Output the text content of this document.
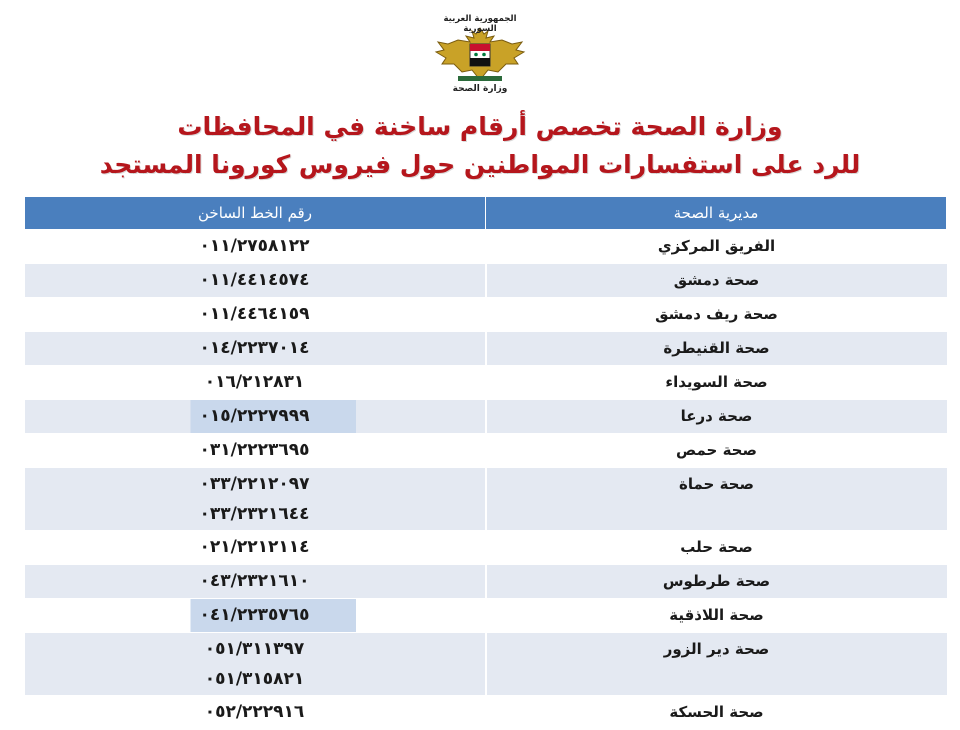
الجمهورية العربية السورية
وزارة الصحة
وزارة الصحة تخصص أرقام ساخنة في المحافظات
للرد على استفسارات المواطنين حول فيروس كورونا المستجد
رقم الخط الساخن	مديرية الصحة

٠١١/٢٧٥٨١٢٢	الفريق المركزي

٠١١/٤٤١٤٥٧٤	صحة دمشق

٠١١/٤٤٦٤١٥٩	صحة ريف دمشق

٠١٤/٢٢٣٧٠١٤	صحة القنيطرة

٠١٦/٢١٢٨٣١	صحة السويداء

٠١٥/٢٢٢٧٩٩٩	صحة درعا

٠٣١/٢٢٢٣٦٩٥	صحة حمص

٠٣٣/٢٢١٢٠٩٧
٠٣٣/٢٣٢١٦٤٤	صحة حماة

٠٢١/٢٢١٢١١٤	صحة حلب

٠٤٣/٢٣٢١٦١٠	صحة طرطوس

٠٤١/٢٢٣٥٧٦٥	صحة اللاذقية

٠٥١/٣١١٣٩٧
٠٥١/٣١٥٨٢١	صحة دير الزور

٠٥٢/٢٢٢٩١٦	صحة الحسكة
